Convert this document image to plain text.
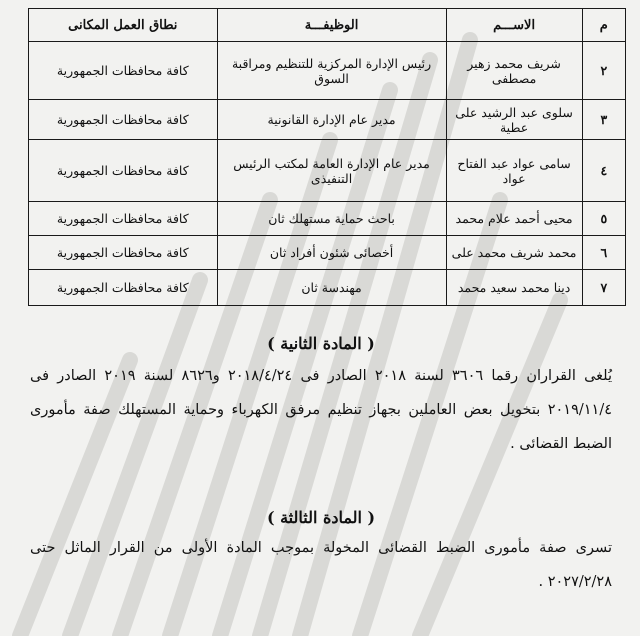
م	الاســـم	الوظيفـــة	نطاق العمل المكانى
٢	شريف محمد زهير مصطفى	رئيس الإدارة المركزية للتنظيم ومراقبة السوق	كافة محافظات الجمهورية
٣	سلوى عبد الرشيد على عطية	مدير عام الإدارة القانونية	كافة محافظات الجمهورية
٤	سامى عواد عبد الفتاح عواد	مدير عام الإدارة العامة لمكتب الرئيس التنفيذى	كافة محافظات الجمهورية
٥	محيى أحمد علام محمد	باحث حماية مستهلك ثان	كافة محافظات الجمهورية
٦	محمد شريف محمد على	أخصائى شئون أفراد ثان	كافة محافظات الجمهورية
٧	دينا محمد سعيد محمد	مهندسة ثان	كافة محافظات الجمهورية
( المادة الثانية )
يُلغى القراران رقما ٣٦٠٦ لسنة ٢٠١٨ الصادر فى ٢٠١٨/٤/٢٤ و٨٦٢٦ لسنة ٢٠١٩ الصادر فى ٢٠١٩/١١/٤ بتخويل بعض العاملين بجهاز تنظيم مرفق الكهرباء وحماية المستهلك صفة مأمورى الضبط القضائى .
( المادة الثالثة )
تسرى صفة مأمورى الضبط القضائى المخولة بموجب المادة الأولى من القرار الماثل حتى ٢٠٢٧/٢/٢٨ .
